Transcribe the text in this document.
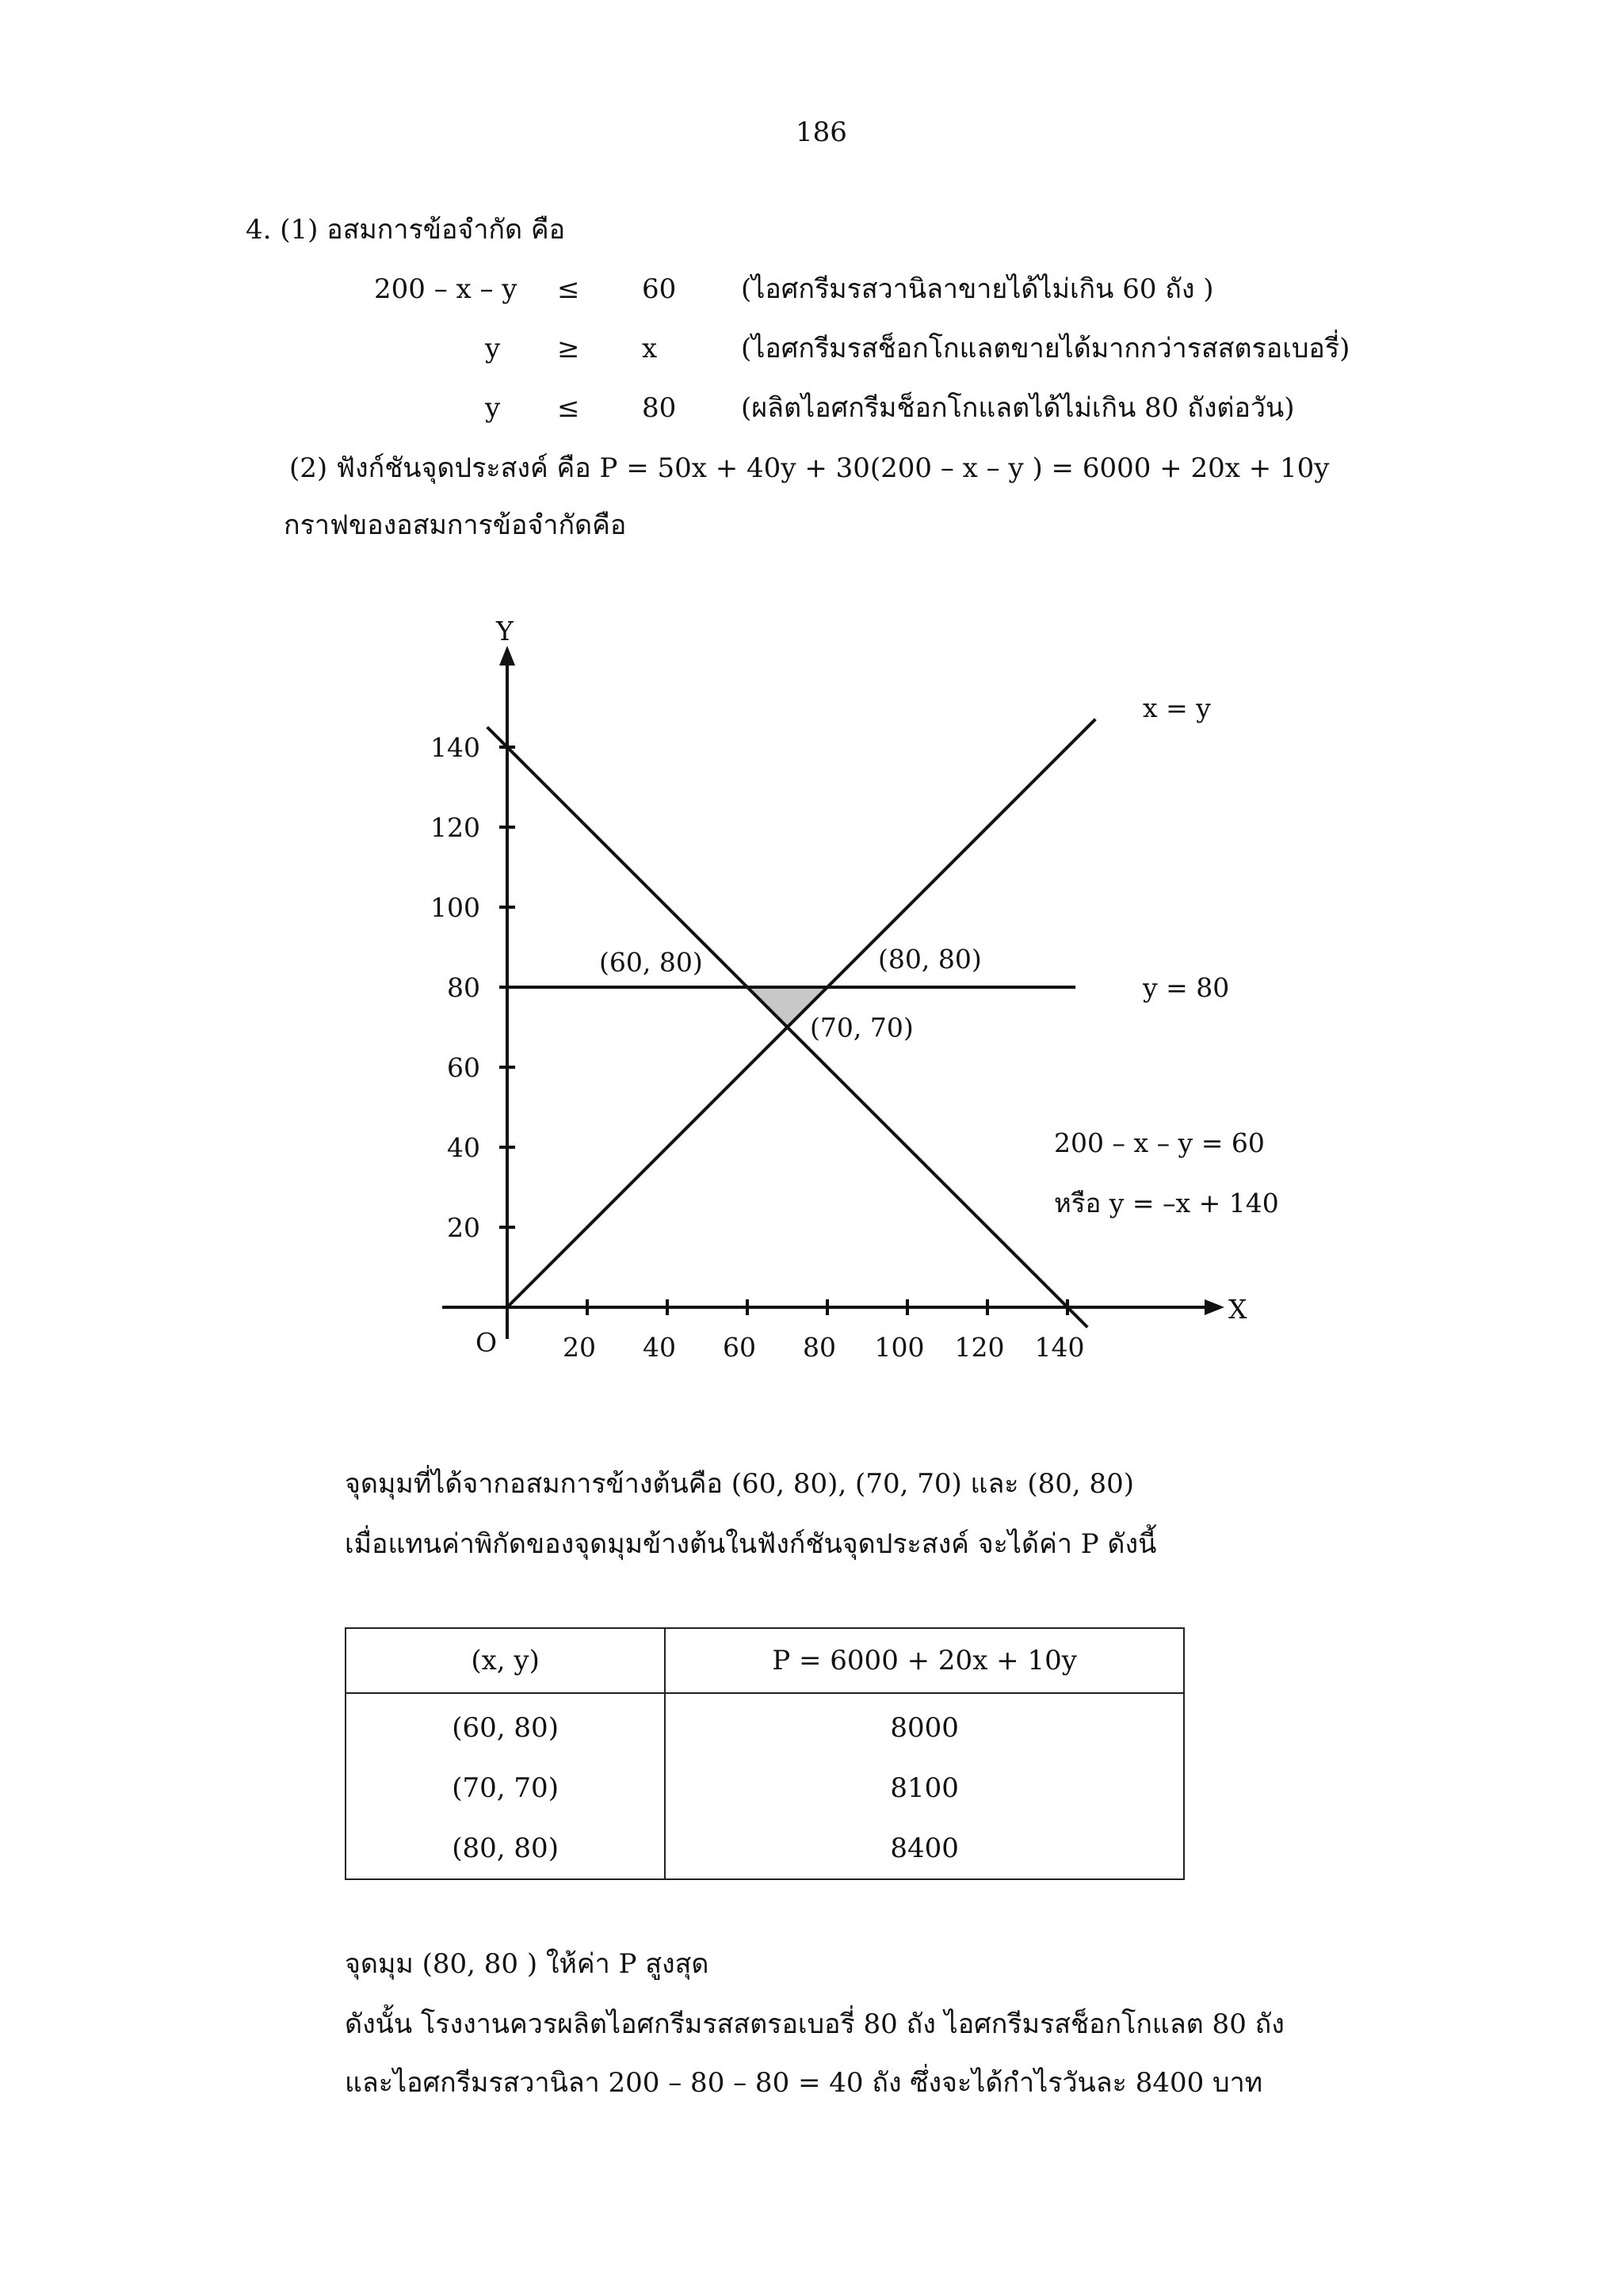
186
4. (1) อสมการข้อจำกัด คือ
200 – x – y ≤ 60 (ไอศกรีมรสวานิลาขายได้ไม่เกิน 60 ถัง )
y ≥ x	(ไอศกรีมรสช็อกโกแลตขายได้มากกว่ารสสตรอเบอรี่)
y ≤ 80 (ผลิตไอศกรีมช็อกโกแลตได้ไม่เกิน 80 ถังต่อวัน)
(2) ฟังก์ชันจุดประสงค์ คือ P = 50x + 40y + 30(200 – x – y ) = 6000 + 20x + 10y
กราฟของอสมการข้อจำกัดคือ
20 40 60 80 100 120 140
20
40
60
80
100
120
140
X
Y
O
x = y
y = 80
200 – x – y = 60
หรือ y = –x + 140
(60, 80)	(80, 80)
(70, 70)
จุดมุมที่ได้จากอสมการข้างต้นคือ (60, 80), (70, 70) และ (80, 80)
เมื่อแทนค่าพิกัดของจุดมุมข้างต้นในฟังก์ชันจุดประสงค์ จะได้ค่า P ดังนี้
(x, y)	P = 6000 + 20x + 10y
(60, 80)	8000
(70, 70)	8100
(80, 80)	8400
จุดมุม (80, 80 ) ให้ค่า P สูงสุด
ดังนั้น โรงงานควรผลิตไอศกรีมรสสตรอเบอรี่ 80 ถัง ไอศกรีมรสช็อกโกแลต 80 ถัง
และไอศกรีมรสวานิลา 200 – 80 – 80 = 40 ถัง ซึ่งจะได้กำไรวันละ 8400 บาท
